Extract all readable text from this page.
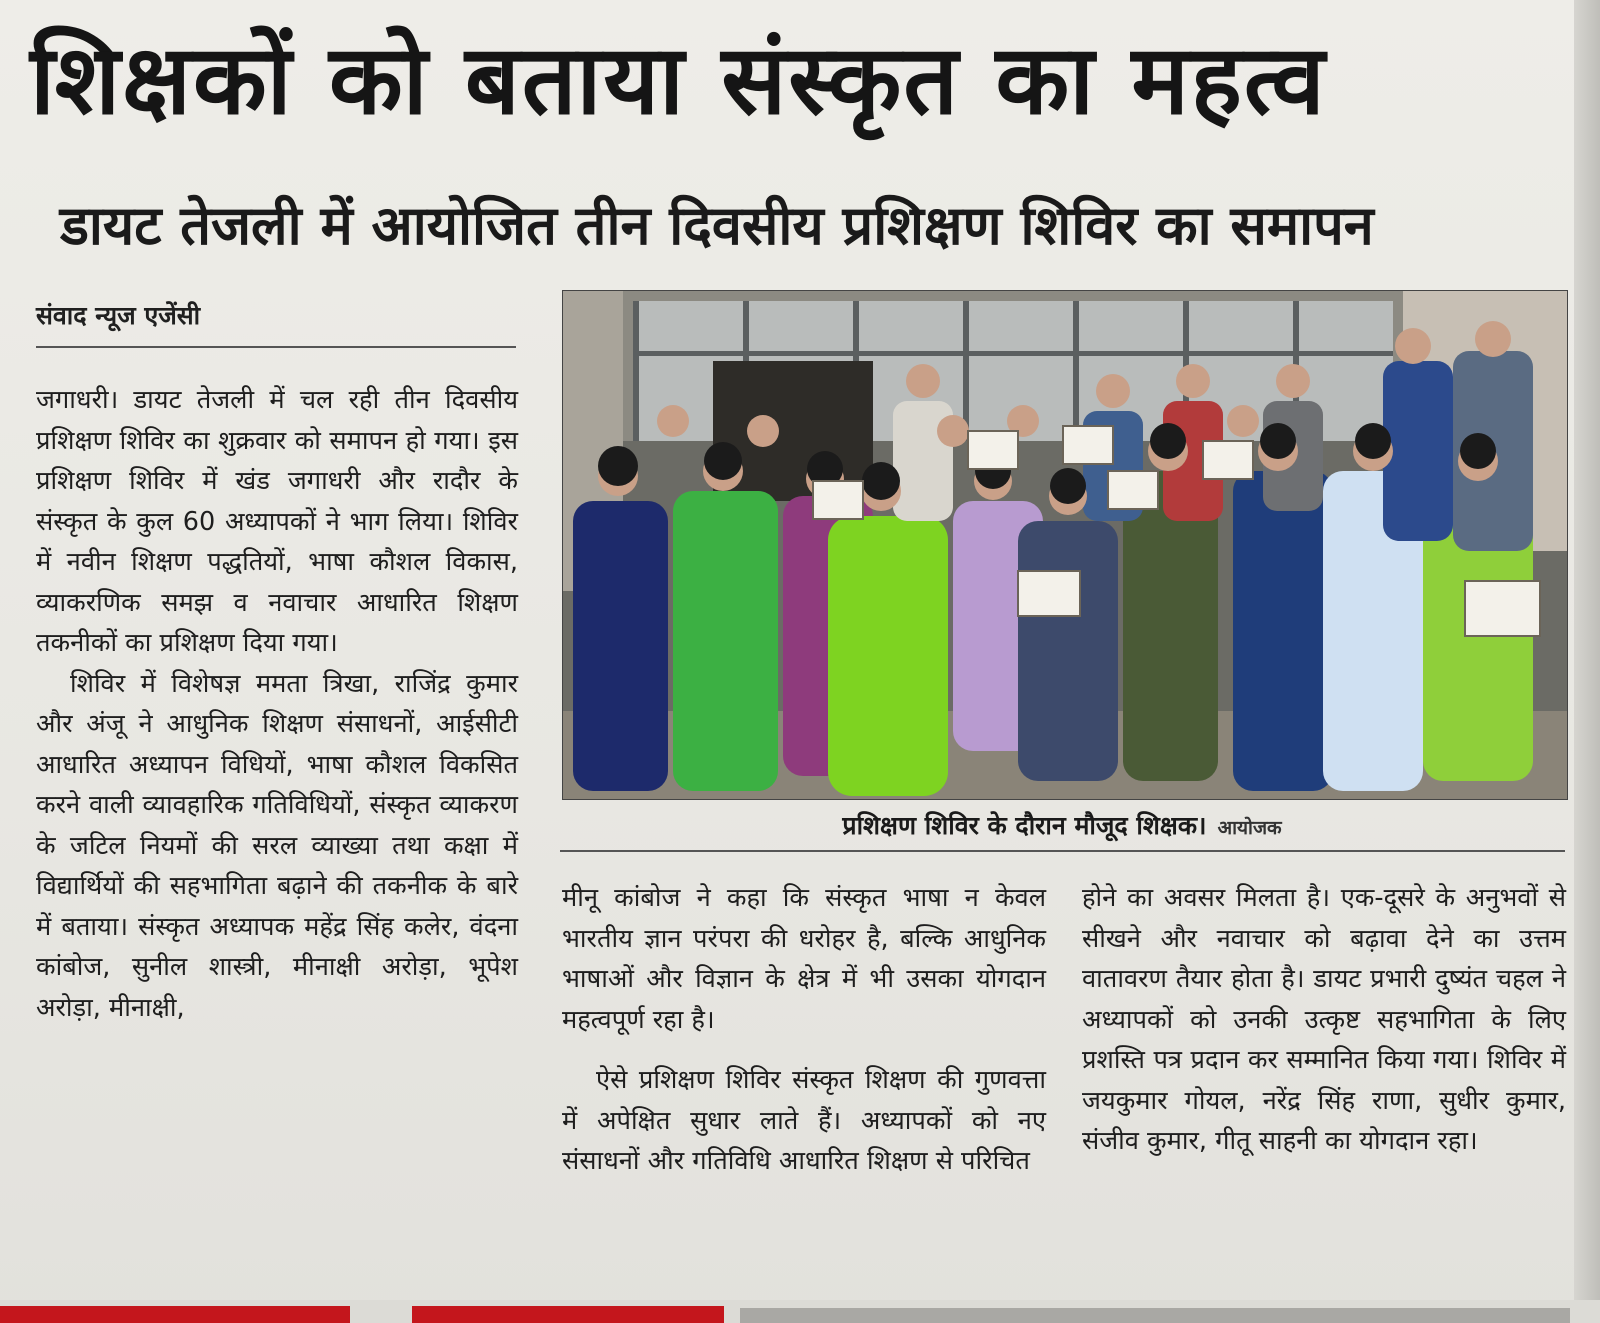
शिक्षकों को बताया संस्कृत का महत्व
डायट तेजली में आयोजित तीन दिवसीय प्रशिक्षण शिविर का समापन
संवाद न्यूज एजेंसी

जगाधरी। डायट तेजली में चल रही तीन दिवसीय प्रशिक्षण शिविर का शुक्रवार को समापन हो गया। इस प्रशिक्षण शिविर में खंड जगाधरी और रादौर के संस्कृत के कुल 60 अध्यापकों ने भाग लिया। शिविर में नवीन शिक्षण पद्धतियों, भाषा कौशल विकास, व्याकरणिक समझ व नवाचार आधारित शिक्षण तकनीकों का प्रशिक्षण दिया गया।

शिविर में विशेषज्ञ ममता त्रिखा, राजिंद्र कुमार और अंजू ने आधुनिक शिक्षण संसाधनों, आईसीटी आधारित अध्यापन विधियों, भाषा कौशल विकसित करने वाली व्यावहारिक गतिविधियों, संस्कृत व्याकरण के जटिल नियमों की सरल व्याख्या तथा कक्षा में विद्यार्थियों की सहभागिता बढ़ाने की तकनीक के बारे में बताया। संस्कृत अध्यापक महेंद्र सिंह कलेर, वंदना कांबोज, सुनील शास्त्री, मीनाक्षी अरोड़ा, भूपेश अरोड़ा, मीनाक्षी,

प्रशिक्षण शिविर के दौरान मौजूद शिक्षक। आयोजक

मीनू कांबोज ने कहा कि संस्कृत भाषा न केवल भारतीय ज्ञान परंपरा की धरोहर है, बल्कि आधुनिक भाषाओं और विज्ञान के क्षेत्र में भी उसका योगदान महत्वपूर्ण रहा है।

ऐसे प्रशिक्षण शिविर संस्कृत शिक्षण की गुणवत्ता में अपेक्षित सुधार लाते हैं। अध्यापकों को नए संसाधनों और गतिविधि आधारित शिक्षण से परिचित

होने का अवसर मिलता है। एक-दूसरे के अनुभवों से सीखने और नवाचार को बढ़ावा देने का उत्तम वातावरण तैयार होता है। डायट प्रभारी दुष्यंत चहल ने अध्यापकों को उनकी उत्कृष्ट सहभागिता के लिए प्रशस्ति पत्र प्रदान कर सम्मानित किया गया। शिविर में जयकुमार गोयल, नरेंद्र सिंह राणा, सुधीर कुमार, संजीव कुमार, गीतू साहनी का योगदान रहा।
